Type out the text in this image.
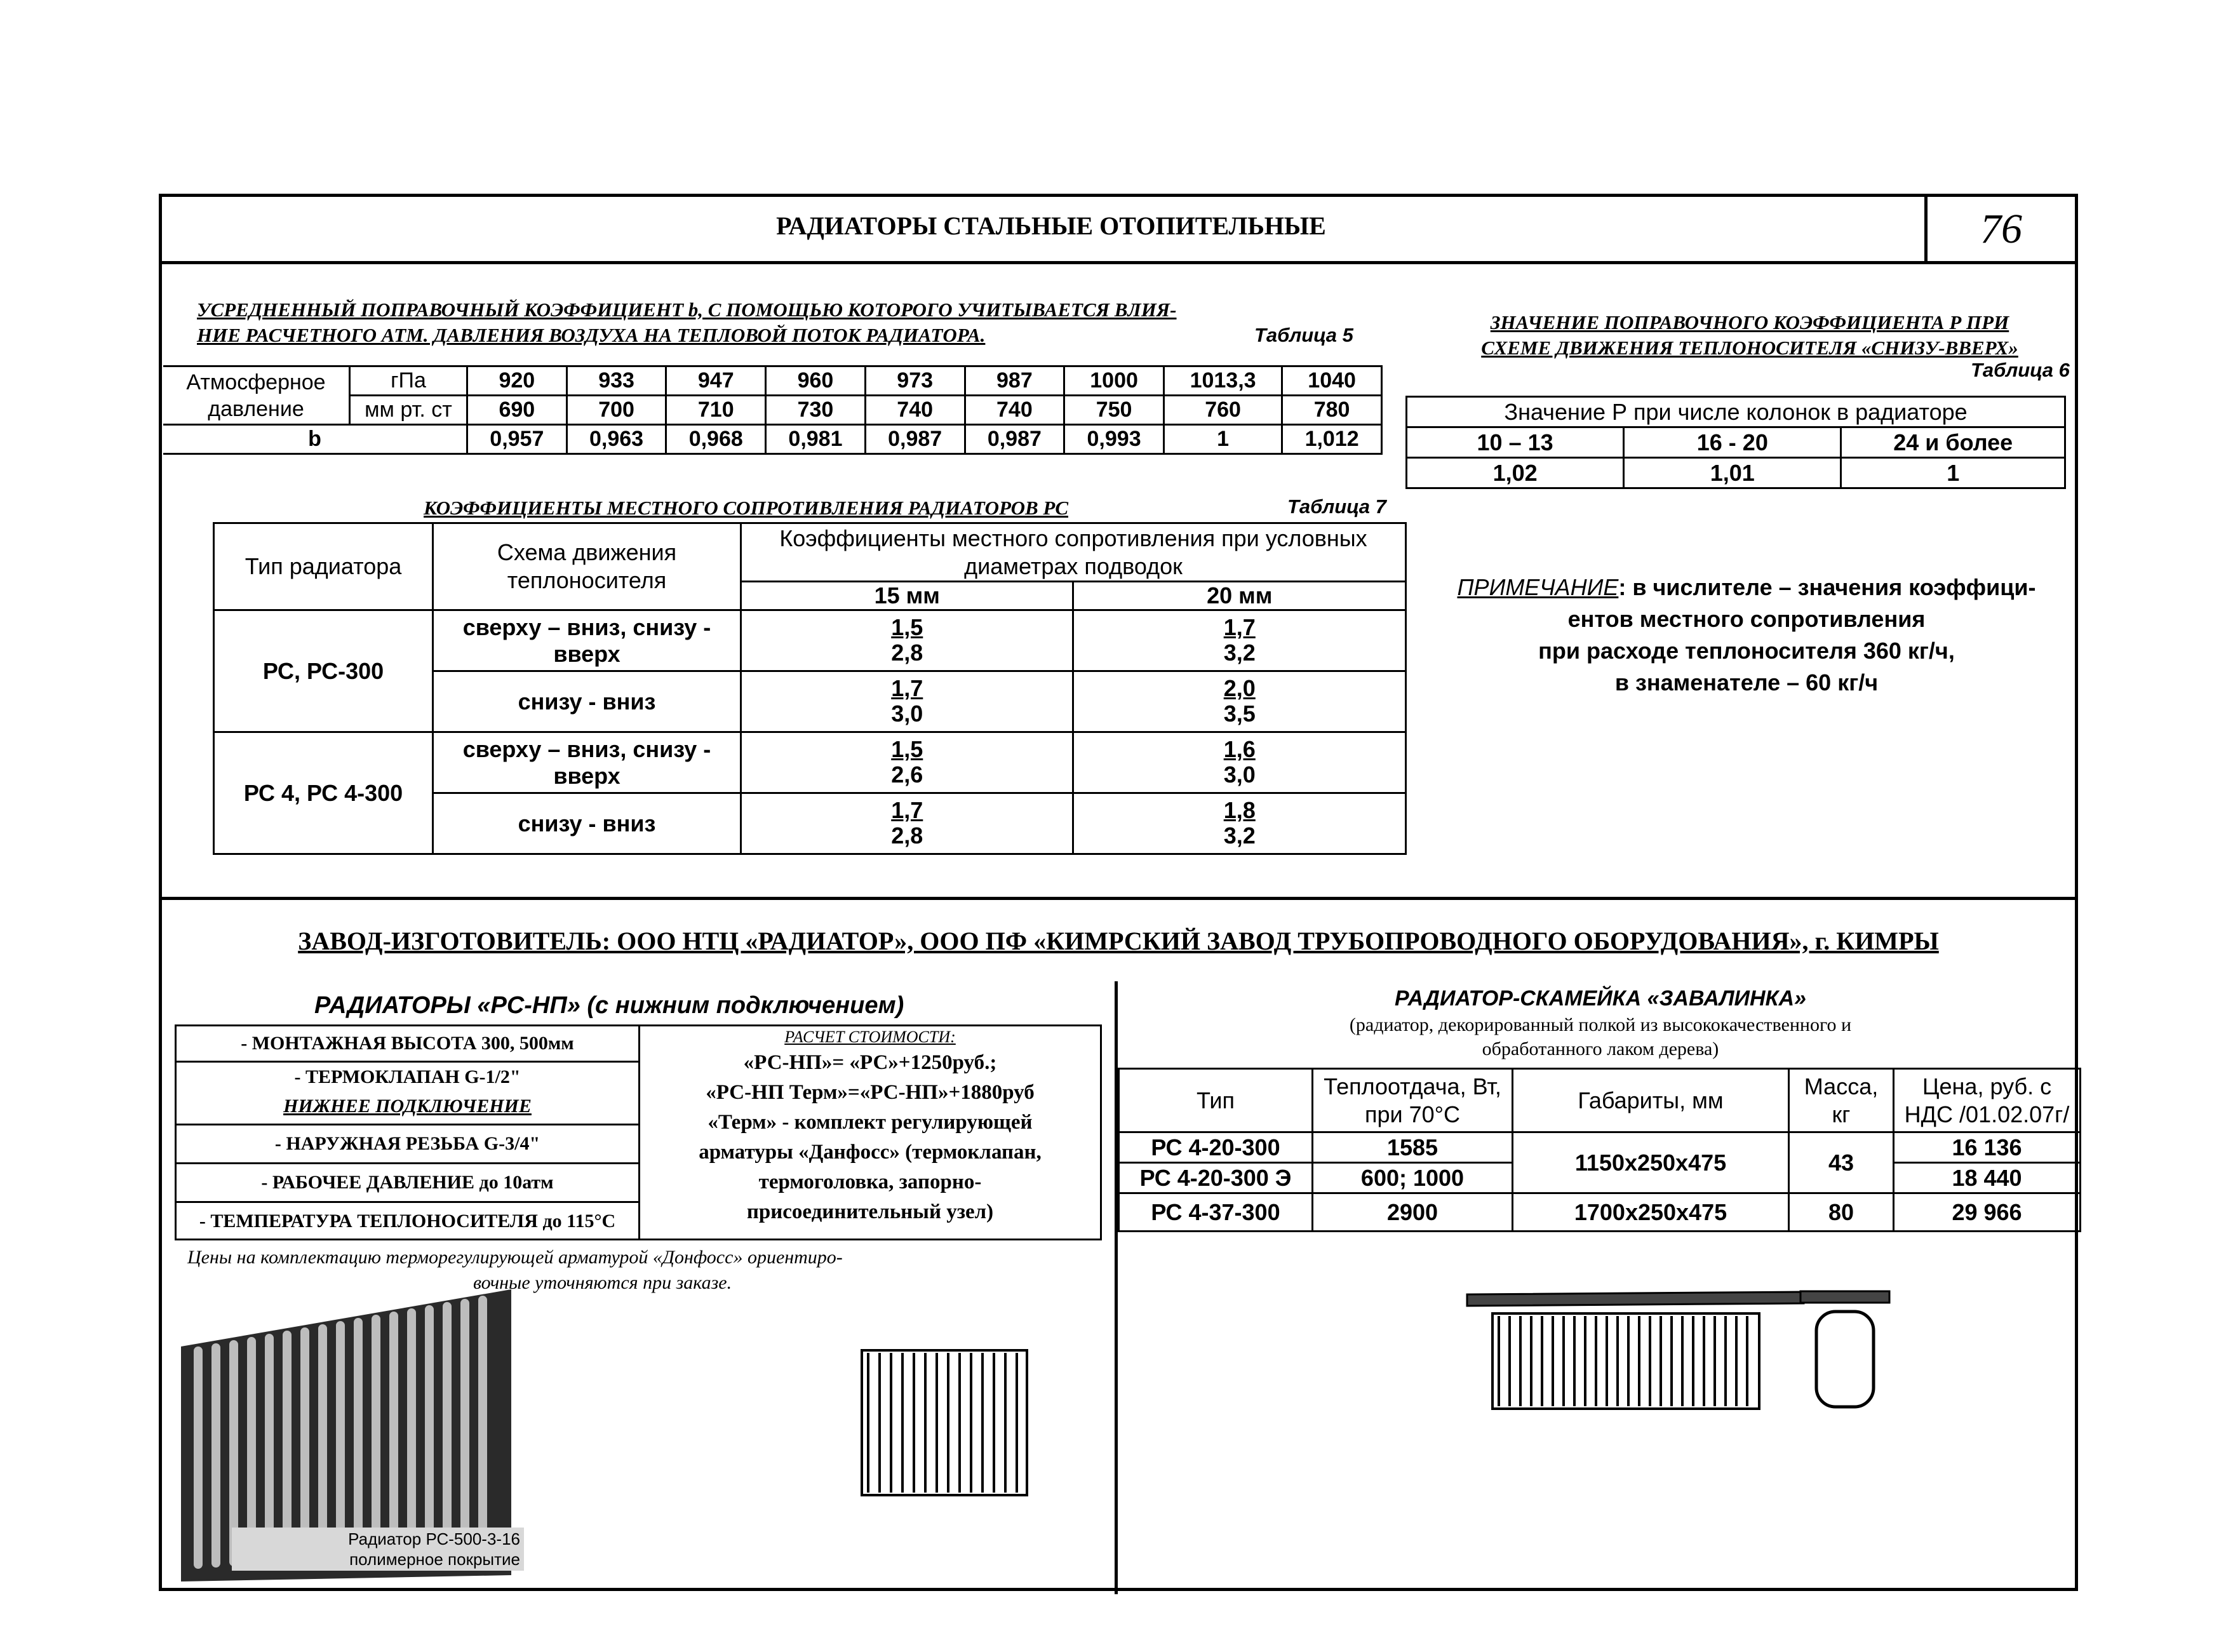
РАДИАТОРЫ СТАЛЬНЫЕ ОТОПИТЕЛЬНЫЕ	76
УСРЕДНЕННЫЙ ПОПРАВОЧНЫЙ КОЭФФИЦИЕНТ b, С ПОМОЩЬЮ КОТОРОГО УЧИТЫВАЕТСЯ ВЛИЯ-
НИЕ РАСЧЕТНОГО АТМ. ДАВЛЕНИЯ ВОЗДУХА НА ТЕПЛОВОЙ ПОТОК РАДИАТОРА.	Таблица 5
Атмосферное давление	гПа	920	933	947	960	973	987	1000	1013,3	1040
	мм рт. ст	690	700	710	730	740	740	750	760	780
b		0,957	0,963	0,968	0,981	0,987	0,987	0,993	1	1,012
ЗНАЧЕНИЕ ПОПРАВОЧНОГО КОЭФФИЦИЕНТА Р ПРИ
СХЕМЕ ДВИЖЕНИЯ ТЕПЛОНОСИТЕЛЯ «СНИЗУ-ВВЕРХ»
Таблица 6
Значение Р при числе колонок в радиаторе		
10 – 13	16 - 20	24 и более
1,02	1,01	1
КОЭФФИЦИЕНТЫ МЕСТНОГО СОПРОТИВЛЕНИЯ РАДИАТОРОВ РС	Таблица 7
Тип радиатора	Схема движения теплоносителя	Коэффициенты местного сопротивления при условных диаметрах подводок	
		15 мм	20 мм
РС, РС-300	сверху – вниз, снизу - вверх	$\frac{1,5}{2,8}$	$\frac{1,7}{3,2}$
	снизу - вниз	$\frac{1,7}{3,0}$	$\frac{2,0}{3,5}$
РС 4, РС 4-300	сверху – вниз, снизу - вверх	$\frac{1,5}{2,6}$	$\frac{1,6}{3,0}$
	снизу - вниз	$\frac{1,7}{2,8}$	$\frac{1,8}{3,2}$
ПРИМЕЧАНИЕ: в числителе – значения коэффици-
ентов местного сопротивления
при расходе теплоносителя 360 кг/ч,
в знаменателе – 60 кг/ч
ЗАВОД-ИЗГОТОВИТЕЛЬ: ООО НТЦ «РАДИАТОР», ООО ПФ «КИМРСКИЙ ЗАВОД ТРУБОПРОВОДНОГО ОБОРУДОВАНИЯ», г. КИМРЫ
РАДИАТОРЫ «РС-НП» (с нижним подключением)
- МОНТАЖНАЯ ВЫСОТА 300, 500мм
- ТЕРМОКЛАПАН G-1/2"
НИЖНЕЕ ПОДКЛЮЧЕНИЕ
- НАРУЖНАЯ РЕЗЬБА G-3/4"
- РАБОЧЕЕ ДАВЛЕНИЕ до 10атм
- ТЕМПЕРАТУРА ТЕПЛОНОСИТЕЛЯ до 115°С
РАСЧЕТ СТОИМОСТИ:
«РС-НП»= «РС»+1250руб.;
«РС-НП Терм»=«РС-НП»+1880руб
«Терм» - комплект регулирующей
арматуры «Данфосс» (термоклапан,
термоголовка, запорно-
присоединительный узел)
Цены на комплектацию терморегулирующей арматурой «Донфосс» ориентиро-
вочные уточняются при заказе.
Радиатор РС-500-3-16
полимерное покрытие
РАДИАТОР-СКАМЕЙКА «ЗАВАЛИНКА»
(радиатор, декорированный полкой из высококачественного и
обработанного лаком дерева)
Тип	Теплоотдача, Вт, при 70°С	Габариты, мм	Масса, кг	Цена, руб. с НДС /01.02.07г/
РС 4-20-300	1585	1150x250x475	43	16 136
РС 4-20-300 Э	600; 1000			18 440
РС 4-37-300	2900	1700x250x475	80	29 966
